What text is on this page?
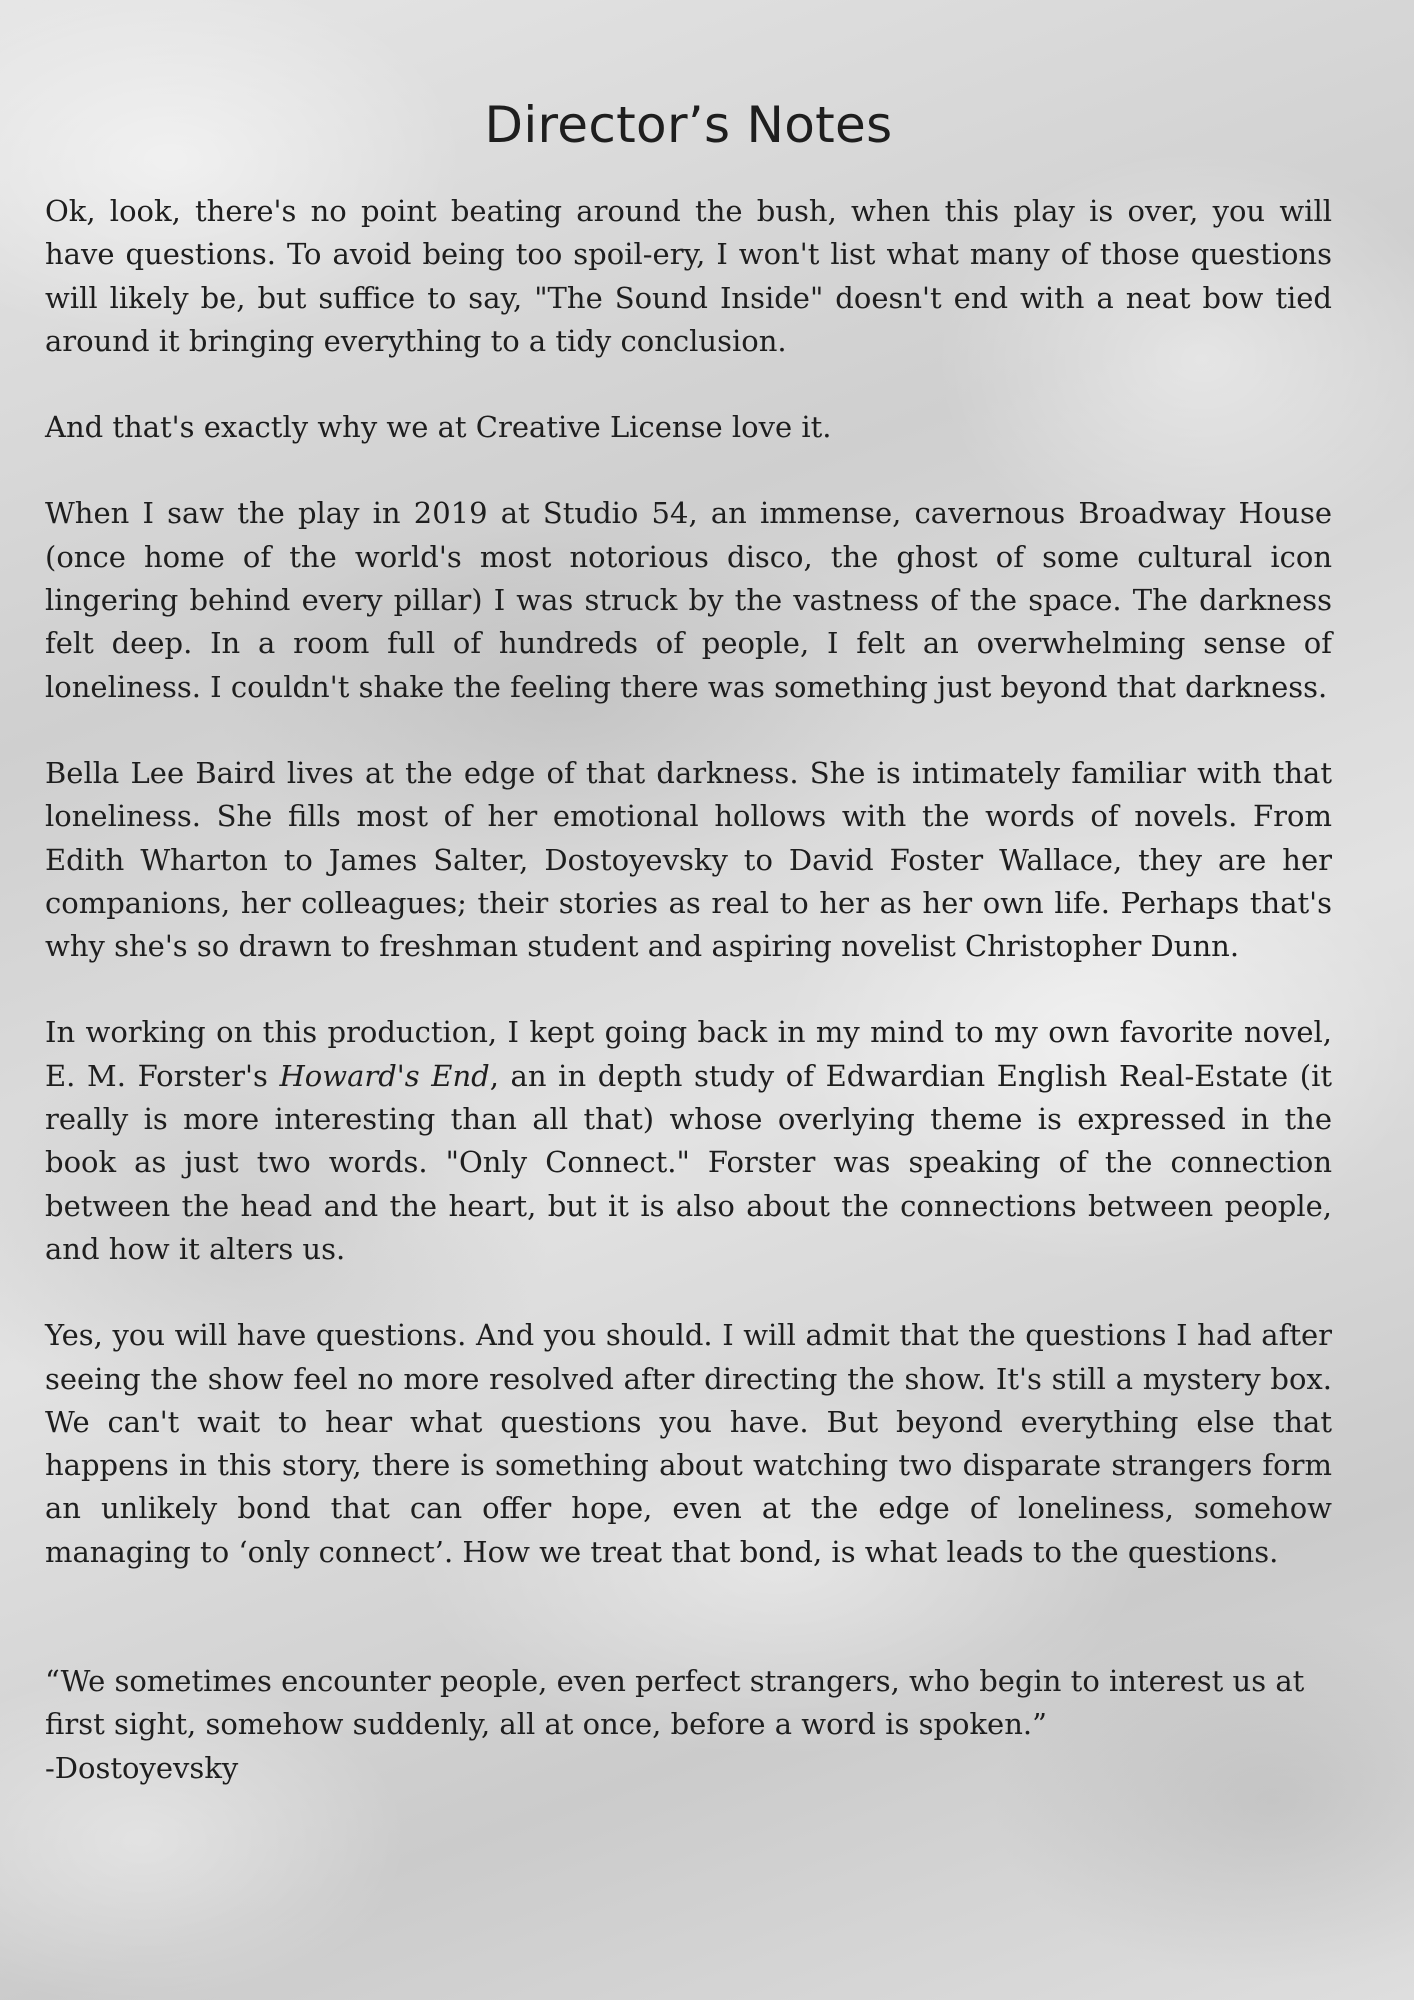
Director’s Notes

Ok, look, there's no point beating around the bush, when this play is over, you will have questions. To avoid being too spoil-ery, I won't list what many of those questions will likely be, but suffice to say, "The Sound Inside" doesn't end with a neat bow tied around it bringing everything to a tidy conclusion.

And that's exactly why we at Creative License love it.

When I saw the play in 2019 at Studio 54, an immense, cavernous Broadway House (once home of the world's most notorious disco, the ghost of some cultural icon lingering behind every pillar) I was struck by the vastness of the space. The darkness felt deep. In a room full of hundreds of people, I felt an overwhelming sense of loneliness. I couldn't shake the feeling there was something just beyond that darkness.

Bella Lee Baird lives at the edge of that darkness. She is intimately familiar with that loneliness. She fills most of her emotional hollows with the words of novels. From Edith Wharton to James Salter, Dostoyevsky to David Foster Wallace, they are her companions, her colleagues; their stories as real to her as her own life. Perhaps that's why she's so drawn to freshman student and aspiring novelist Christopher Dunn.

In working on this production, I kept going back in my mind to my own favorite novel, E. M. Forster's Howard's End, an in depth study of Edwardian English Real-Estate (it really is more interesting than all that) whose overlying theme is expressed in the book as just two words. "Only Connect." Forster was speaking of the connection between the head and the heart, but it is also about the connections between people, and how it alters us.

Yes, you will have questions. And you should. I will admit that the questions I had after seeing the show feel no more resolved after directing the show. It's still a mystery box. We can't wait to hear what questions you have. But beyond everything else that happens in this story, there is something about watching two disparate strangers form an unlikely bond that can offer hope, even at the edge of loneliness, somehow managing to ‘only connect’. How we treat that bond, is what leads to the questions.

“We sometimes encounter people, even perfect strangers, who begin to interest us at first sight, somehow suddenly, all at once, before a word is spoken.”

-Dostoyevsky
